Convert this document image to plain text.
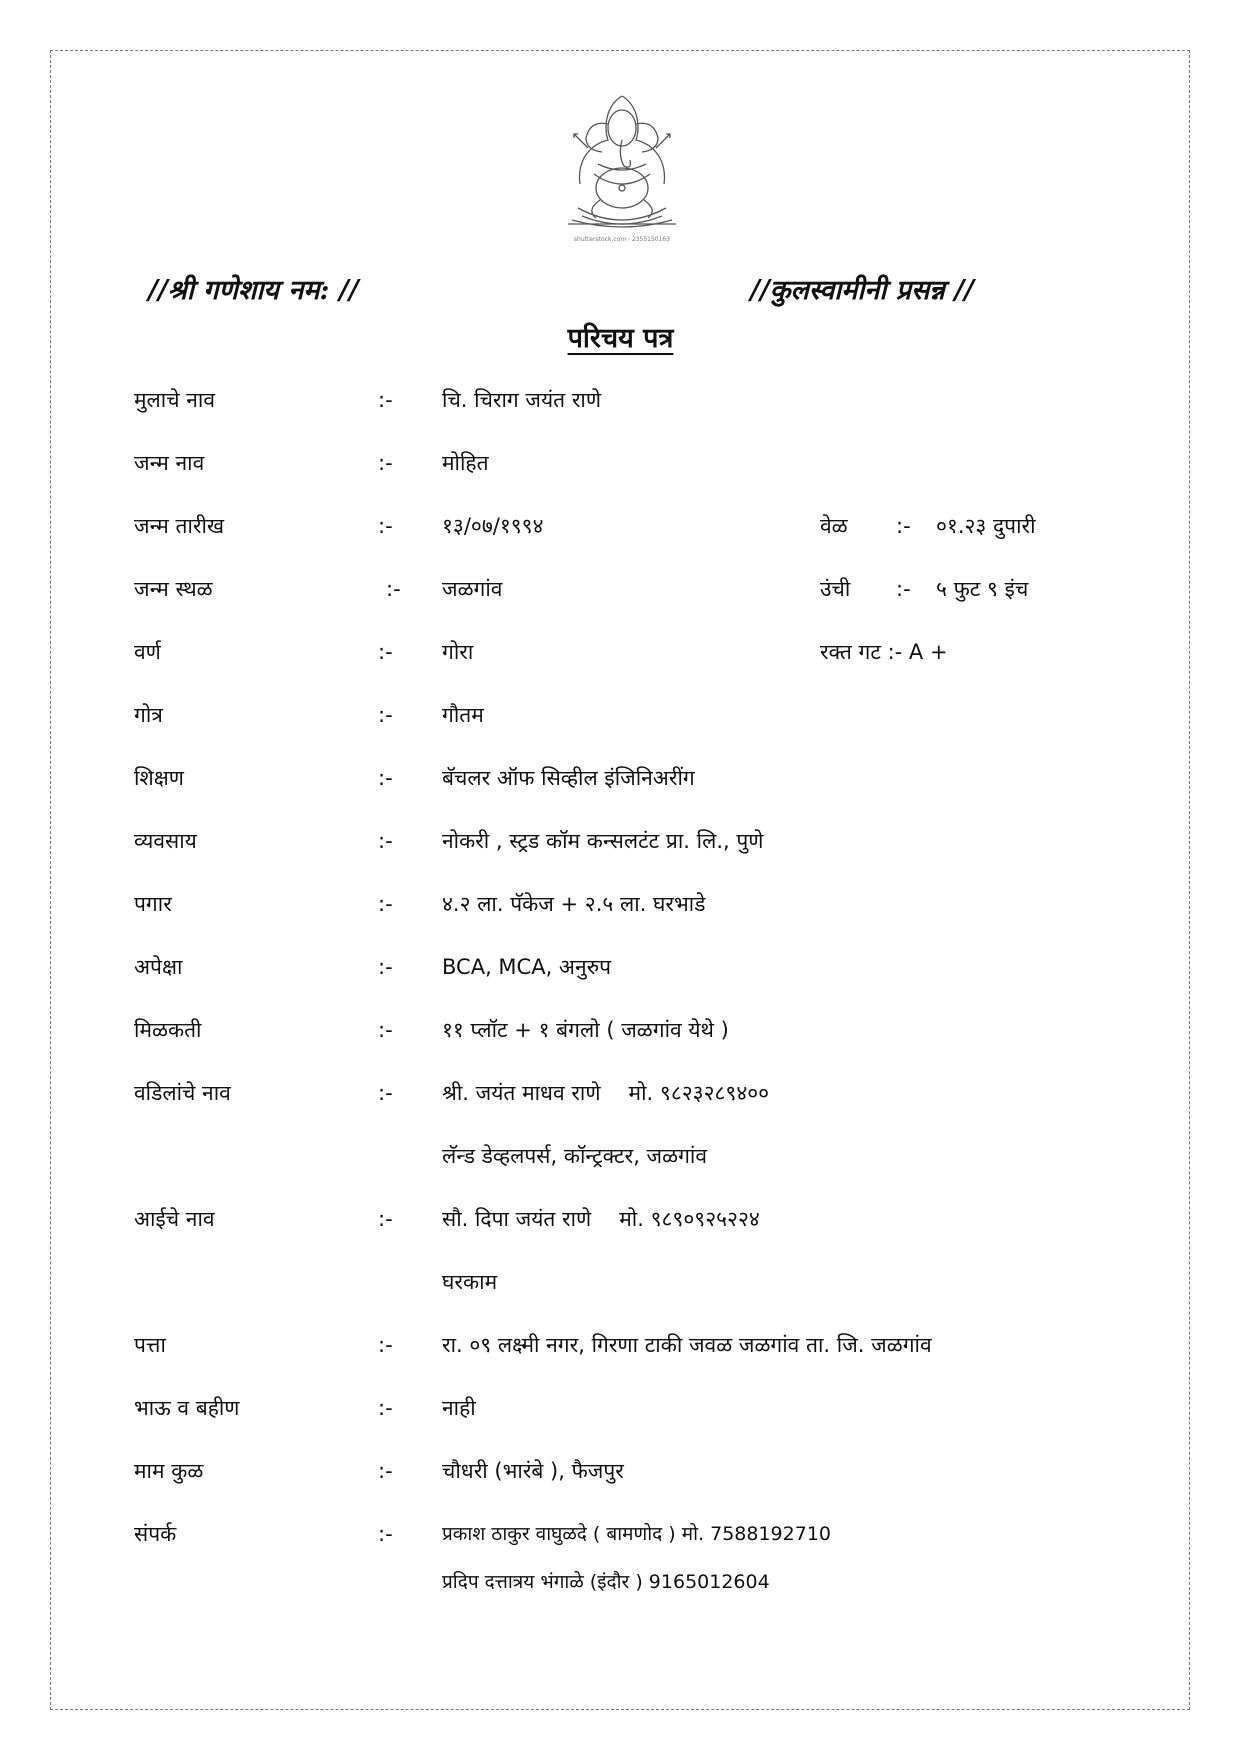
shutterstock.com · 2355150163
//श्री गणेशाय नम: //	//कुलस्वामीनी प्रसन्न //
परिचय पत्र
मुलाचे नाव	:- चि. चिराग जयंत राणे
जन्म नाव	:- मोहित
जन्म तारीख	:- १३/०७/१९९४	वेळ :- ०१.२३ दुपारी
जन्म स्थळ	:- जळगांव	उंची :- ५ फुट ९ इंच
वर्ण	:- गोरा	रक्त गट :- A +
गोत्र	:- गौतम
शिक्षण	:- बॅचलर ऑफ सिव्हील इंजिनिअरींग
व्यवसाय	:- नोकरी , स्ट्रड कॉम कन्सलटंट प्रा. लि., पुणे
पगार	:- ४.२ ला. पॅकेज + २.५ ला. घरभाडे
अपेक्षा	:- BCA, MCA, अनुरुप
मिळकती	:- ११ प्लॉट + १ बंगलो ( जळगांव येथे )
वडिलांचे नाव	:- श्री. जयंत माधव राणे मो. ९८२३२८९४००
लॅन्ड डेव्हलपर्स, कॉन्ट्रक्टर, जळगांव
आईचे नाव	:- सौ. दिपा जयंत राणे मो. ९८९०९२५२२४
घरकाम
पत्ता	:- रा. ०९ लक्ष्मी नगर, गिरणा टाकी जवळ जळगांव ता. जि. जळगांव
भाऊ व बहीण	:- नाही
माम कुळ	:- चौधरी (भारंबे ), फैजपुर
संपर्क	:-	प्रकाश ठाकुर वाघुळदे ( बामणोद ) मो. 7588192710
प्रदिप दत्तात्रय भंगाळे (इंदौर ) 9165012604
